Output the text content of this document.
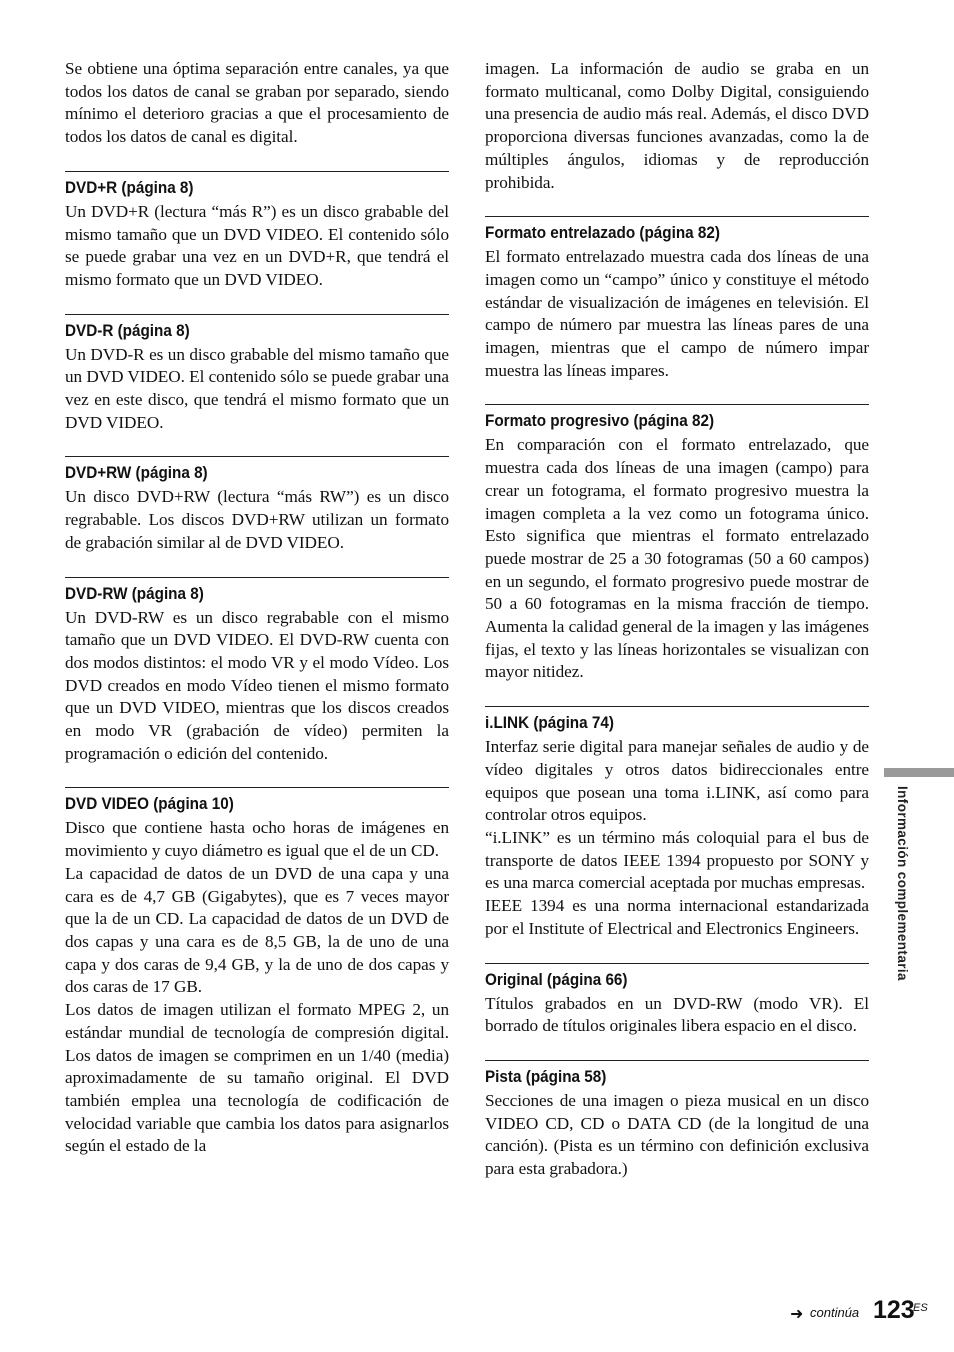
Se obtiene una óptima separación entre canales, ya que todos los datos de canal se graban por separado, siendo mínimo el deterioro gracias a que el procesamiento de todos los datos de canal es digital.

DVD+R (página 8)

Un DVD+R (lectura “más R”) es un disco grabable del mismo tamaño que un DVD VIDEO. El contenido sólo se puede grabar una vez en un DVD+R, que tendrá el mismo formato que un DVD VIDEO.

DVD-R (página 8)

Un DVD-R es un disco grabable del mismo tamaño que un DVD VIDEO. El contenido sólo se puede grabar una vez en este disco, que tendrá el mismo formato que un DVD VIDEO.

DVD+RW (página 8)

Un disco DVD+RW (lectura “más RW”) es un disco regrabable. Los discos DVD+RW utilizan un formato de grabación similar al de DVD VIDEO.

DVD-RW (página 8)

Un DVD-RW es un disco regrabable con el mismo tamaño que un DVD VIDEO. El DVD-RW cuenta con dos modos distintos: el modo VR y el modo Vídeo. Los DVD creados en modo Vídeo tienen el mismo formato que un DVD VIDEO, mientras que los discos creados en modo VR (grabación de vídeo) permiten la programación o edición del contenido.

DVD VIDEO (página 10)

Disco que contiene hasta ocho horas de imágenes en movimiento y cuyo diámetro es igual que el de un CD.

La capacidad de datos de un DVD de una capa y una cara es de 4,7 GB (Gigabytes), que es 7 veces mayor que la de un CD. La capacidad de datos de un DVD de dos capas y una cara es de 8,5 GB, la de uno de una capa y dos caras de 9,4 GB, y la de uno de dos capas y dos caras de 17 GB.

Los datos de imagen utilizan el formato MPEG 2, un estándar mundial de tecnología de compresión digital. Los datos de imagen se comprimen en un 1/40 (media) aproximadamente de su tamaño original. El DVD también emplea una tecnología de codificación de velocidad variable que cambia los datos para asignarlos según el estado de la

imagen. La información de audio se graba en un formato multicanal, como Dolby Digital, consiguiendo una presencia de audio más real. Además, el disco DVD proporciona diversas funciones avanzadas, como la de múltiples ángulos, idiomas y de reproducción prohibida.

Formato entrelazado (página 82)

El formato entrelazado muestra cada dos líneas de una imagen como un “campo” único y constituye el método estándar de visualización de imágenes en televisión. El campo de número par muestra las líneas pares de una imagen, mientras que el campo de número impar muestra las líneas impares.

Formato progresivo (página 82)

En comparación con el formato entrelazado, que muestra cada dos líneas de una imagen (campo) para crear un fotograma, el formato progresivo muestra la imagen completa a la vez como un fotograma único. Esto significa que mientras el formato entrelazado puede mostrar de 25 a 30 fotogramas (50 a 60 campos) en un segundo, el formato progresivo puede mostrar de 50 a 60 fotogramas en la misma fracción de tiempo. Aumenta la calidad general de la imagen y las imágenes fijas, el texto y las líneas horizontales se visualizan con mayor nitidez.

i.LINK (página 74)

Interfaz serie digital para manejar señales de audio y de vídeo digitales y otros datos bidireccionales entre equipos que posean una toma i.LINK, así como para controlar otros equipos.

“i.LINK” es un término más coloquial para el bus de transporte de datos IEEE 1394 propuesto por SONY y es una marca comercial aceptada por muchas empresas.

IEEE 1394 es una norma internacional estandarizada por el Institute of Electrical and Electronics Engineers.

Original (página 66)

Títulos grabados en un DVD-RW (modo VR). El borrado de títulos originales libera espacio en el disco.

Pista (página 58)

Secciones de una imagen o pieza musical en un disco VIDEO CD, CD o DATA CD (de la longitud de una canción). (Pista es un término con definición exclusiva para esta grabadora.)

Información complementaria
➜ continúa 123
ES
